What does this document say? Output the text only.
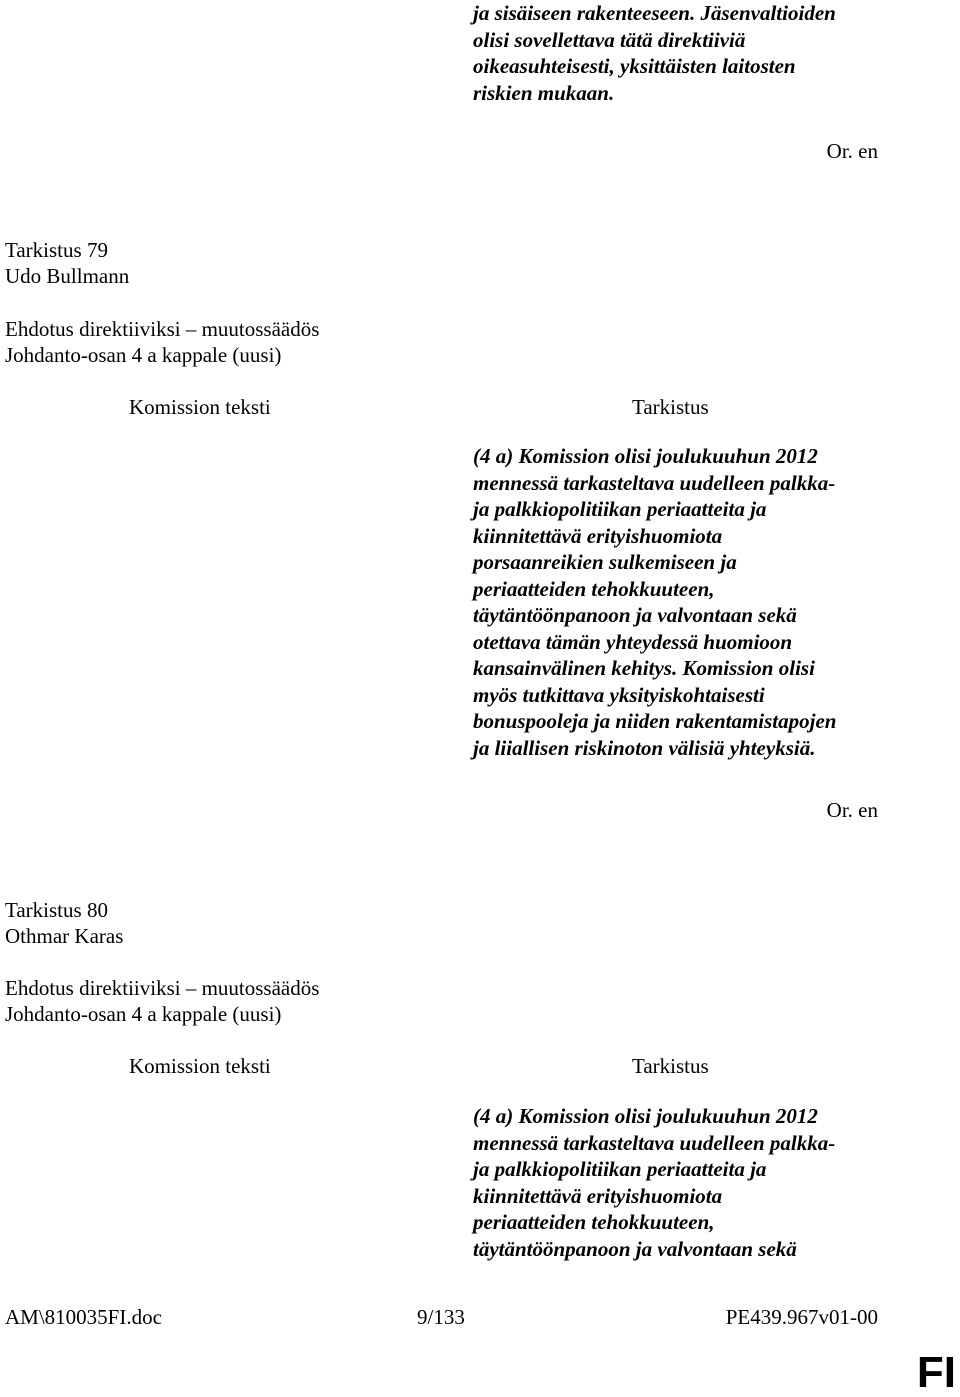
ja sisäiseen rakenteeseen. Jäsenvaltioiden
olisi sovellettava tätä direktiiviä
oikeasuhteisesti, yksittäisten laitosten
riskien mukaan.
Or. en
Tarkistus 79
Udo Bullmann
Ehdotus direktiiviksi – muutossäädös
Johdanto-osan 4 a kappale (uusi)
Komission teksti	Tarkistus
(4 a) Komission olisi joulukuuhun 2012
mennessä tarkasteltava uudelleen palkka-
ja palkkiopolitiikan periaatteita ja
kiinnitettävä erityishuomiota
porsaanreikien sulkemiseen ja
periaatteiden tehokkuuteen,
täytäntöönpanoon ja valvontaan sekä
otettava tämän yhteydessä huomioon
kansainvälinen kehitys. Komission olisi
myös tutkittava yksityiskohtaisesti
bonuspooleja ja niiden rakentamistapojen
ja liiallisen riskinoton välisiä yhteyksiä.
Or. en
Tarkistus 80
Othmar Karas
Ehdotus direktiiviksi – muutossäädös
Johdanto-osan 4 a kappale (uusi)
Komission teksti	Tarkistus
(4 a) Komission olisi joulukuuhun 2012
mennessä tarkasteltava uudelleen palkka-
ja palkkiopolitiikan periaatteita ja
kiinnitettävä erityishuomiota
periaatteiden tehokkuuteen,
täytäntöönpanoon ja valvontaan sekä
AM\810035FI.doc	9/133	PE439.967v01-00
FI
